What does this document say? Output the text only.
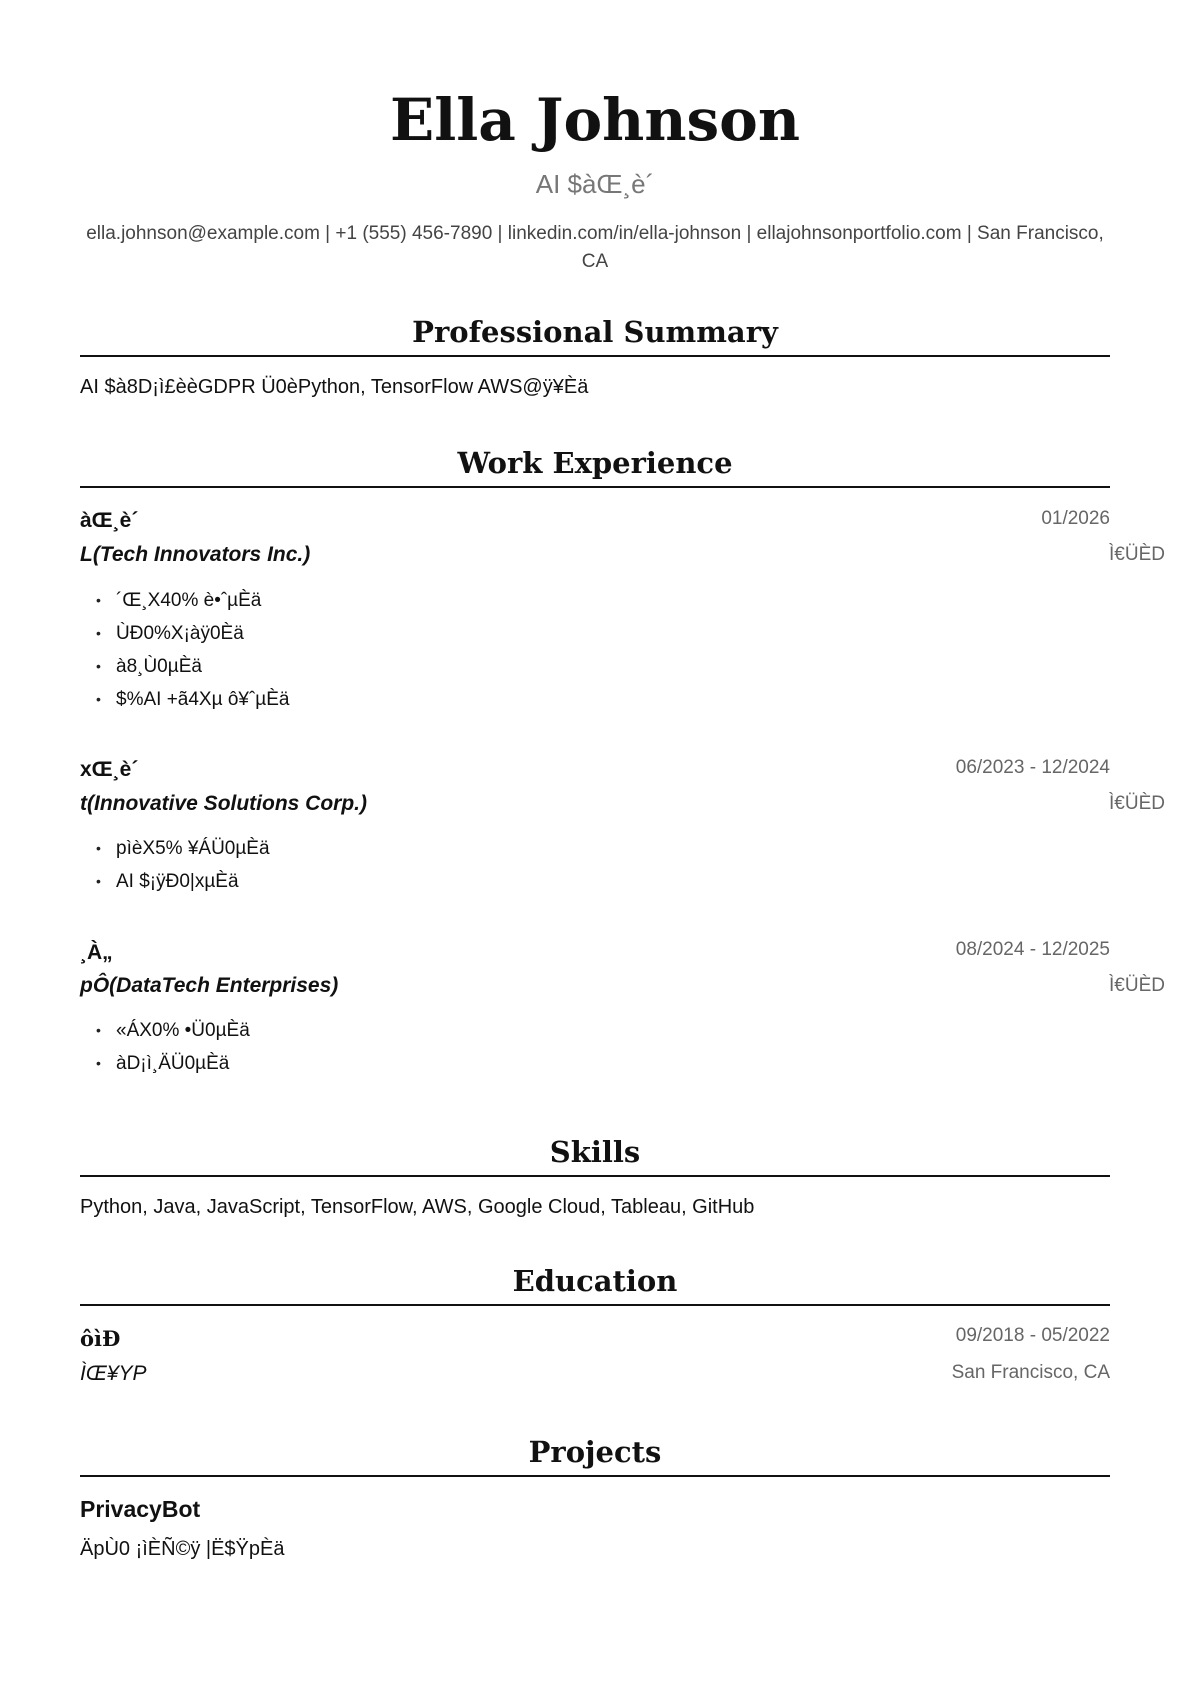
Ella Johnson
AI $àŒ¸è´
ella.johnson@example.com | +1 (555) 456-7890 | linkedin.com/in/ella-johnson | ellajohnsonportfolio.com | San Francisco, CA
Professional Summary
AI $à8D¡ì£èèGDPR Ü0èPython, TensorFlow AWS@ÿ¥Èä
Work Experience
àŒ¸è´	01/2026
L(Tech Innovators Inc.)	Ì€ÜÈD
• ´Œ¸X40% è•ˆµÈä
• ÙÐ0%X¡àÿ0Èä
• à8¸Ù0µÈä
• $%AI +ã4Xµ ô¥ˆµÈä
xŒ¸è´	06/2023 - 12/2024
t(Innovative Solutions Corp.)	Ì€ÜÈD
• pìèX5% ¥ÁÜ0µÈä
• AI $¡ÿÐ0|xµÈä
¸À„	08/2024 - 12/2025
pÔ(DataTech Enterprises)	Ì€ÜÈD
• «ÁX0% •Ü0µÈä
• àD¡ì¸ÄÜ0µÈä
Skills
Python, Java, JavaScript, TensorFlow, AWS, Google Cloud, Tableau, GitHub
Education
ôìÐ	09/2018 - 05/2022
ÌŒ¥YP	San Francisco, CA
Projects
PrivacyBot
ÄpÙ0 ¡ìÈÑ©ÿ |Ë$ŸpÈä
